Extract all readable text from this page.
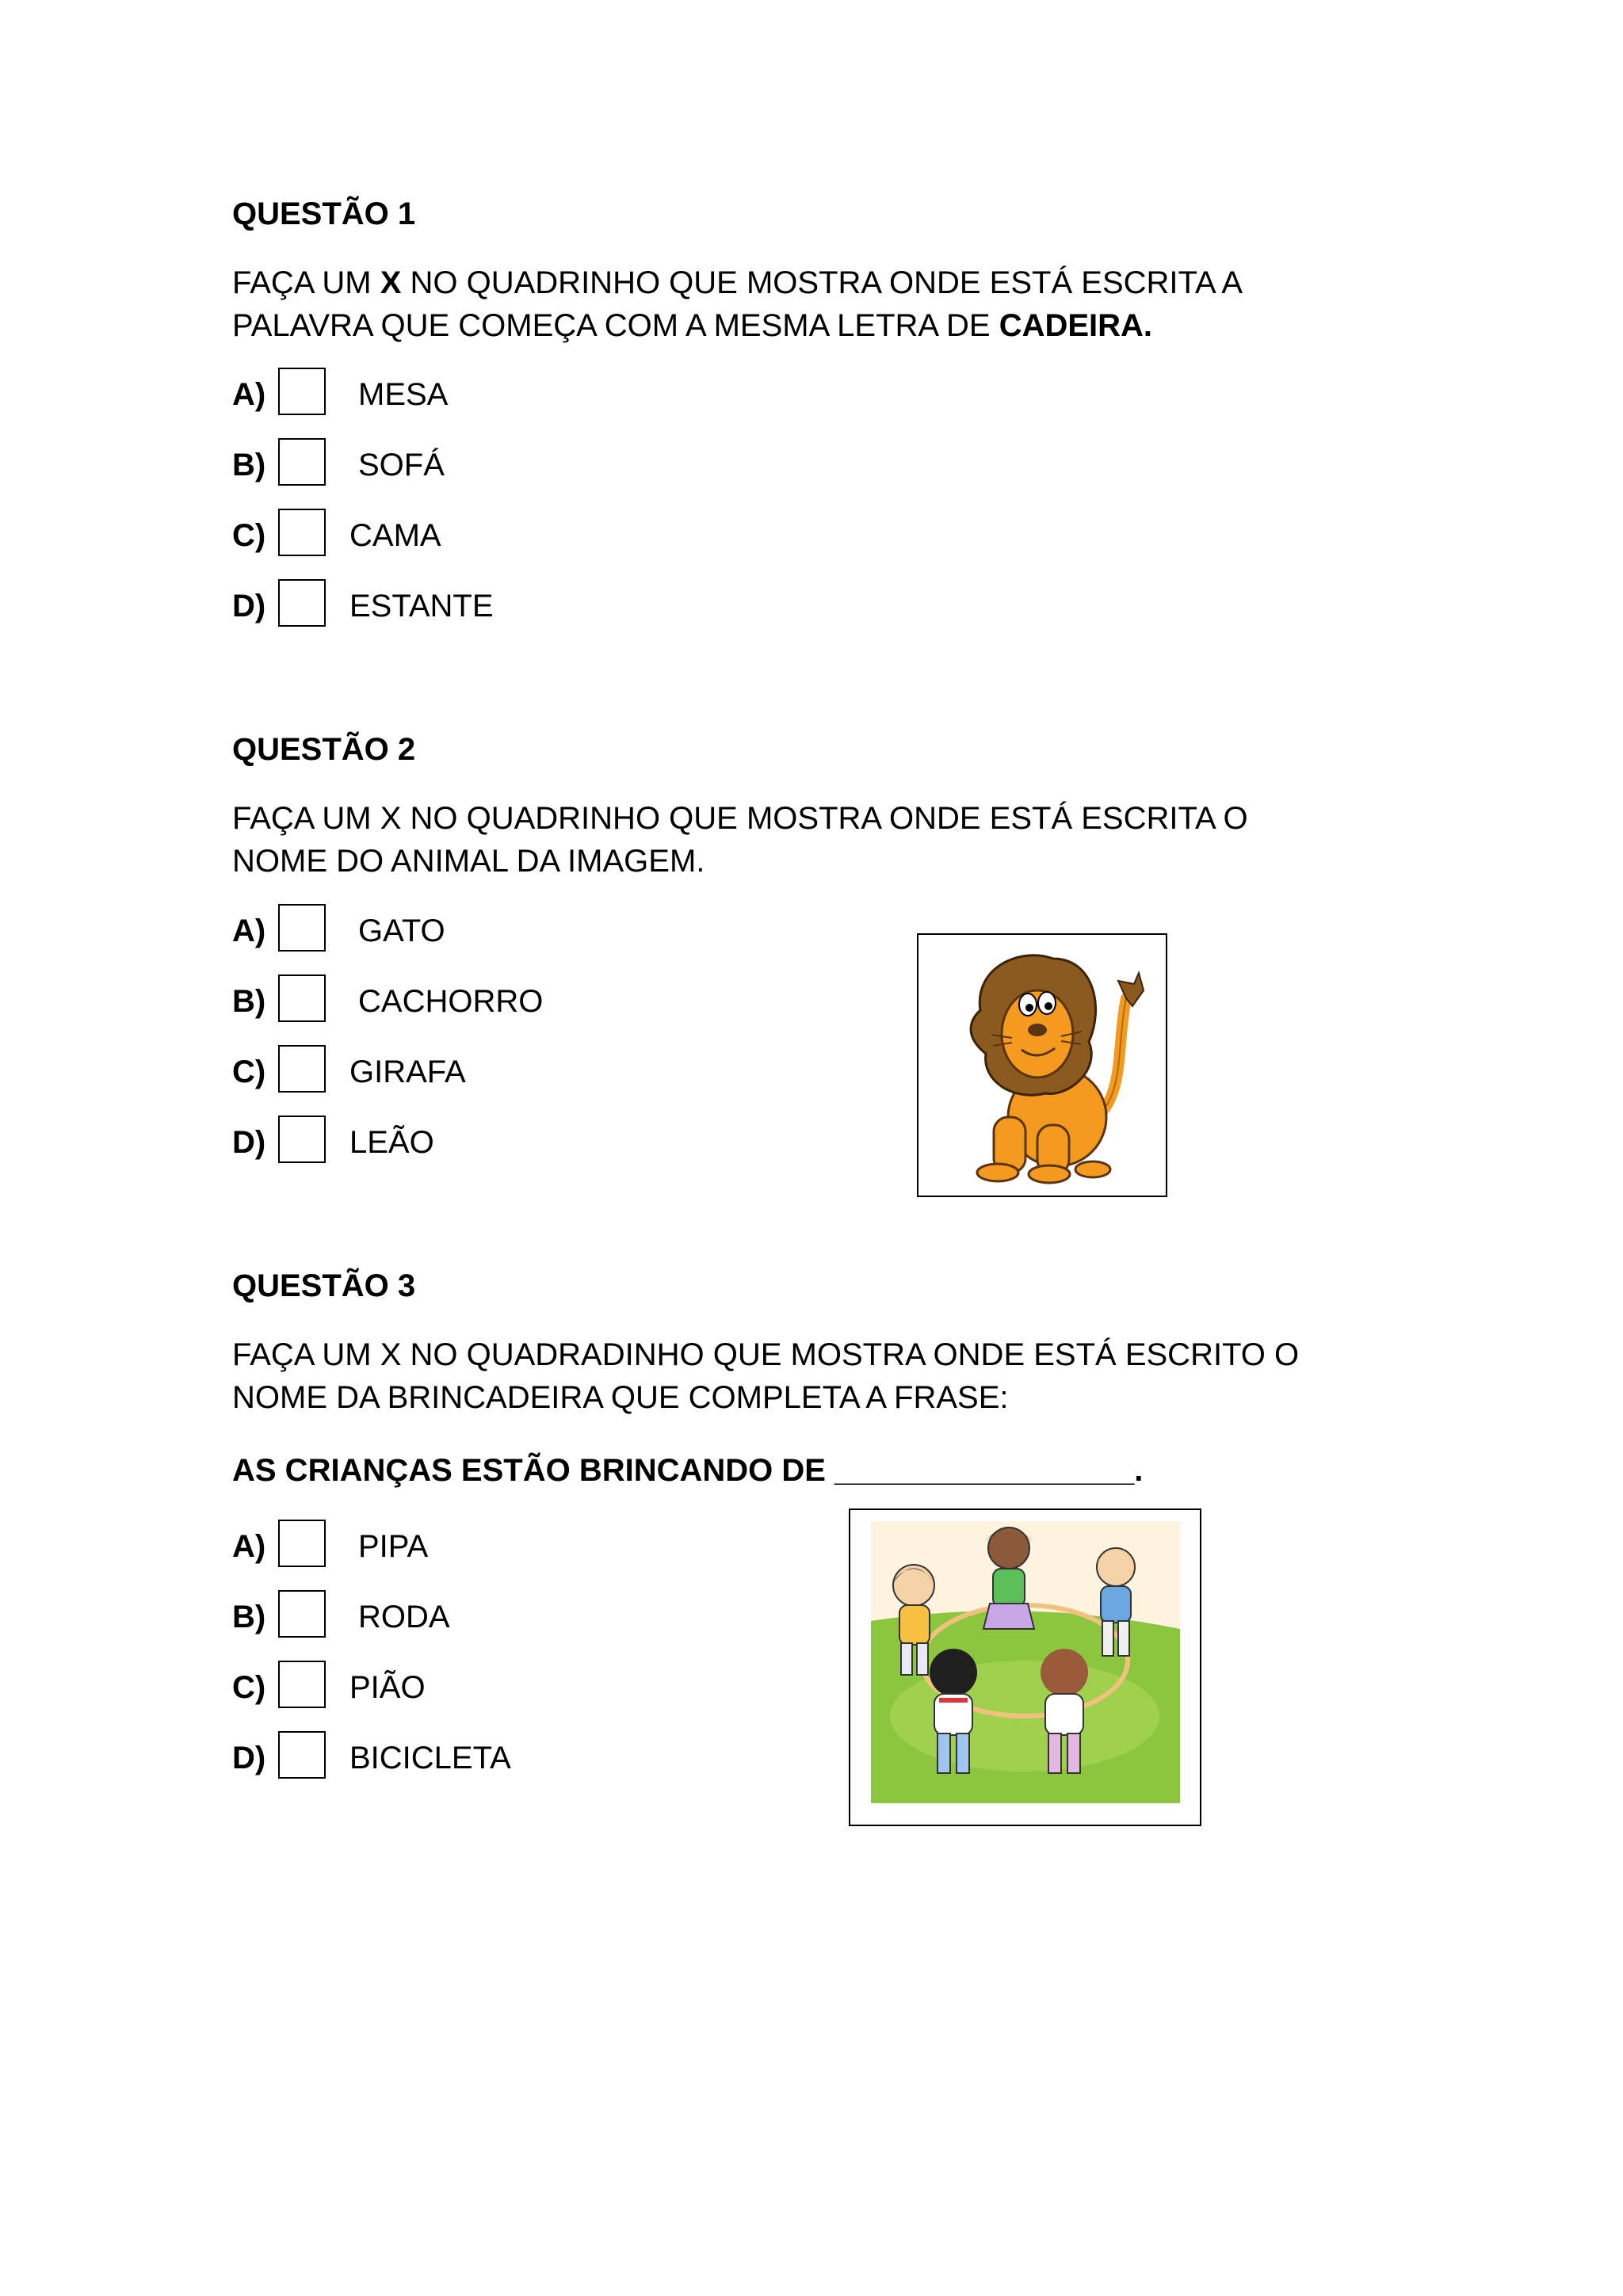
QUESTÃO 1
FAÇA UM X NO QUADRINHO QUE MOSTRA ONDE ESTÁ ESCRITA A
PALAVRA QUE COMEÇA COM A MESMA LETRA DE CADEIRA.
A)	MESA
B)	SOFÁ
C)	CAMA
D)	ESTANTE
QUESTÃO 2
FAÇA UM X NO QUADRINHO QUE MOSTRA ONDE ESTÁ ESCRITA O
NOME DO ANIMAL DA IMAGEM.
A)	GATO
B)	CACHORRO
C)	GIRAFA
D)	LEÃO
QUESTÃO 3
FAÇA UM X NO QUADRADINHO QUE MOSTRA ONDE ESTÁ ESCRITO O
NOME DA BRINCADEIRA QUE COMPLETA A FRASE:
AS CRIANÇAS ESTÃO BRINCANDO DE _________________.
A)	PIPA
B)	RODA
C)	PIÃO
D)	BICICLETA
